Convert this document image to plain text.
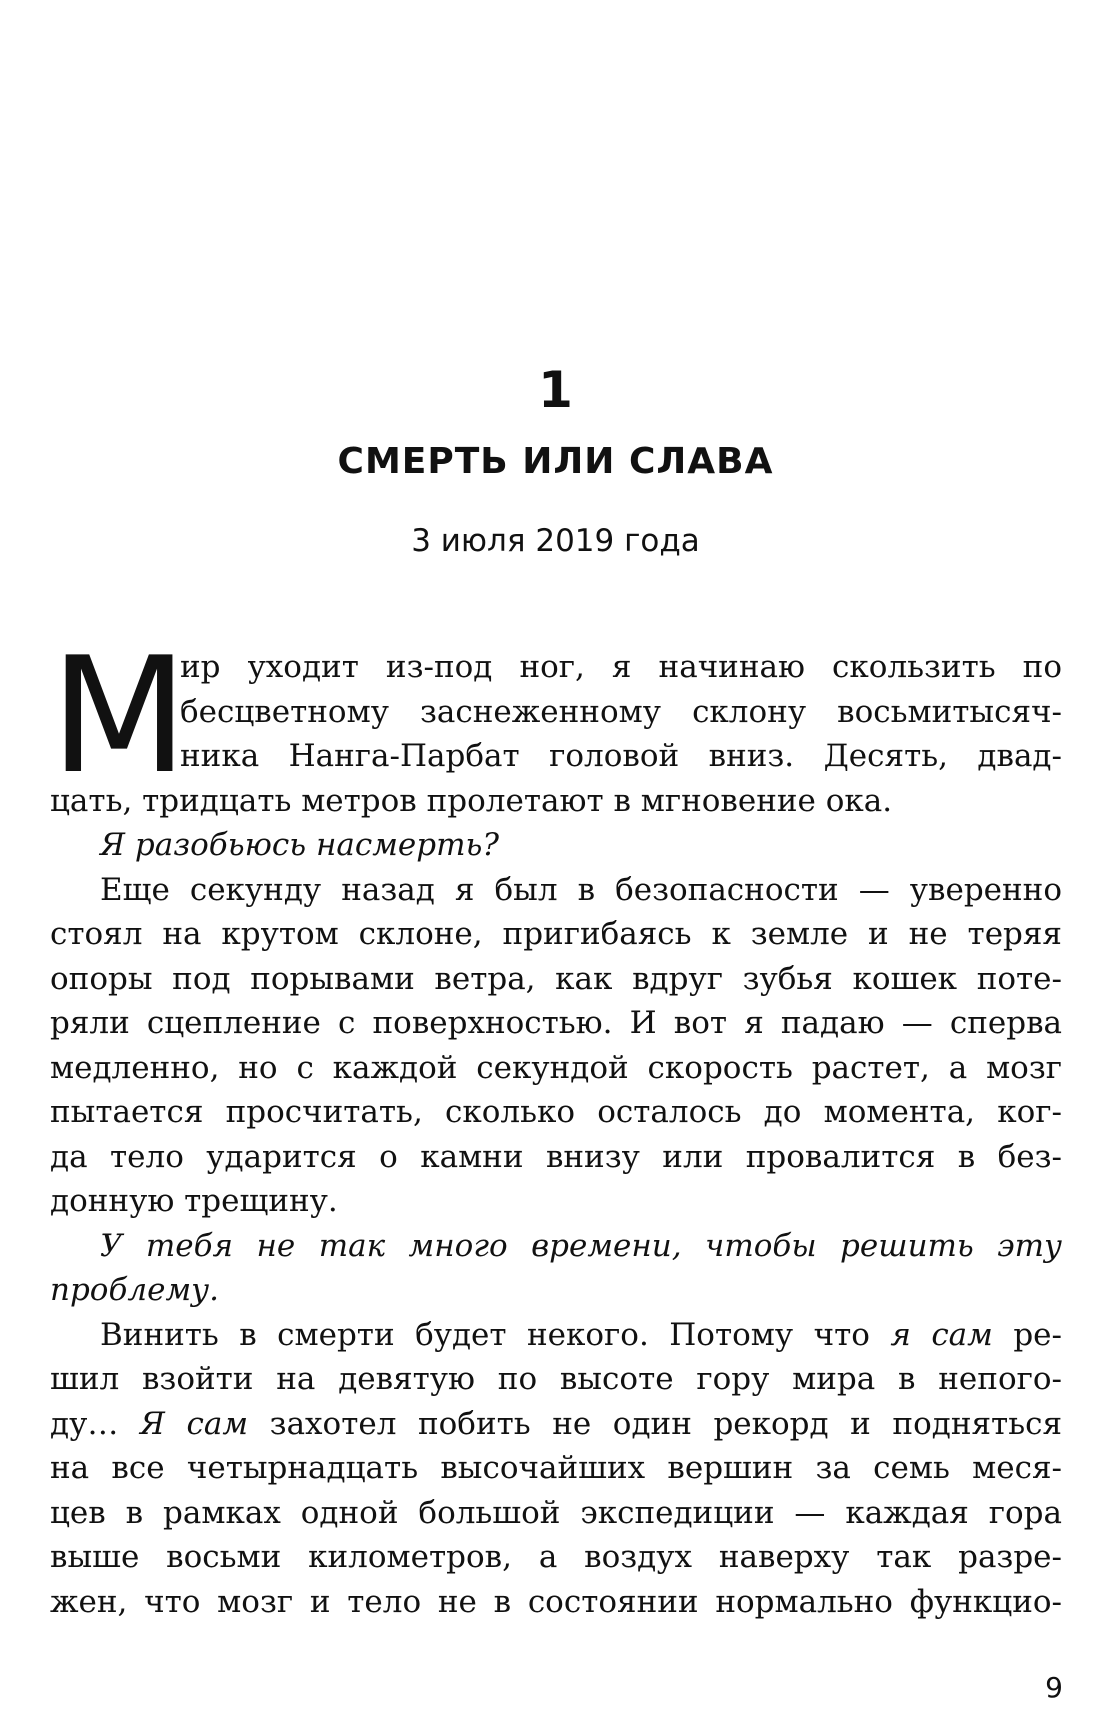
1
СМЕРТЬ ИЛИ СЛАВА
3 июля 2019 года
М
ир уходит из-под ног, я начинаю скользить по
бесцветному заснеженному склону восьмитысяч-
ника Нанга-Парбат головой вниз. Десять, двад-
цать, тридцать метров пролетают в мгновение ока.
Я разобьюсь насмерть?
Еще секунду назад я был в безопасности — уверенно
стоял на крутом склоне, пригибаясь к земле и не теряя
опоры под порывами ветра, как вдруг зубья кошек поте-
ряли сцепление с поверхностью. И вот я падаю — сперва
медленно, но с каждой секундой скорость растет, а мозг
пытается просчитать, сколько осталось до момента, ког-
да тело ударится о камни внизу или провалится в без-
донную трещину.
У тебя не так много времени, чтобы решить эту
проблему.
Винить в смерти будет некого. Потому что я сам ре-
шил взойти на девятую по высоте гору мира в непого-
ду… Я сам захотел побить не один рекорд и подняться
на все четырнадцать высочайших вершин за семь меся-
цев в рамках одной большой экспедиции — каждая гора
выше восьми километров, а воздух наверху так разре-
жен, что мозг и тело не в состоянии нормально функцио-
9
